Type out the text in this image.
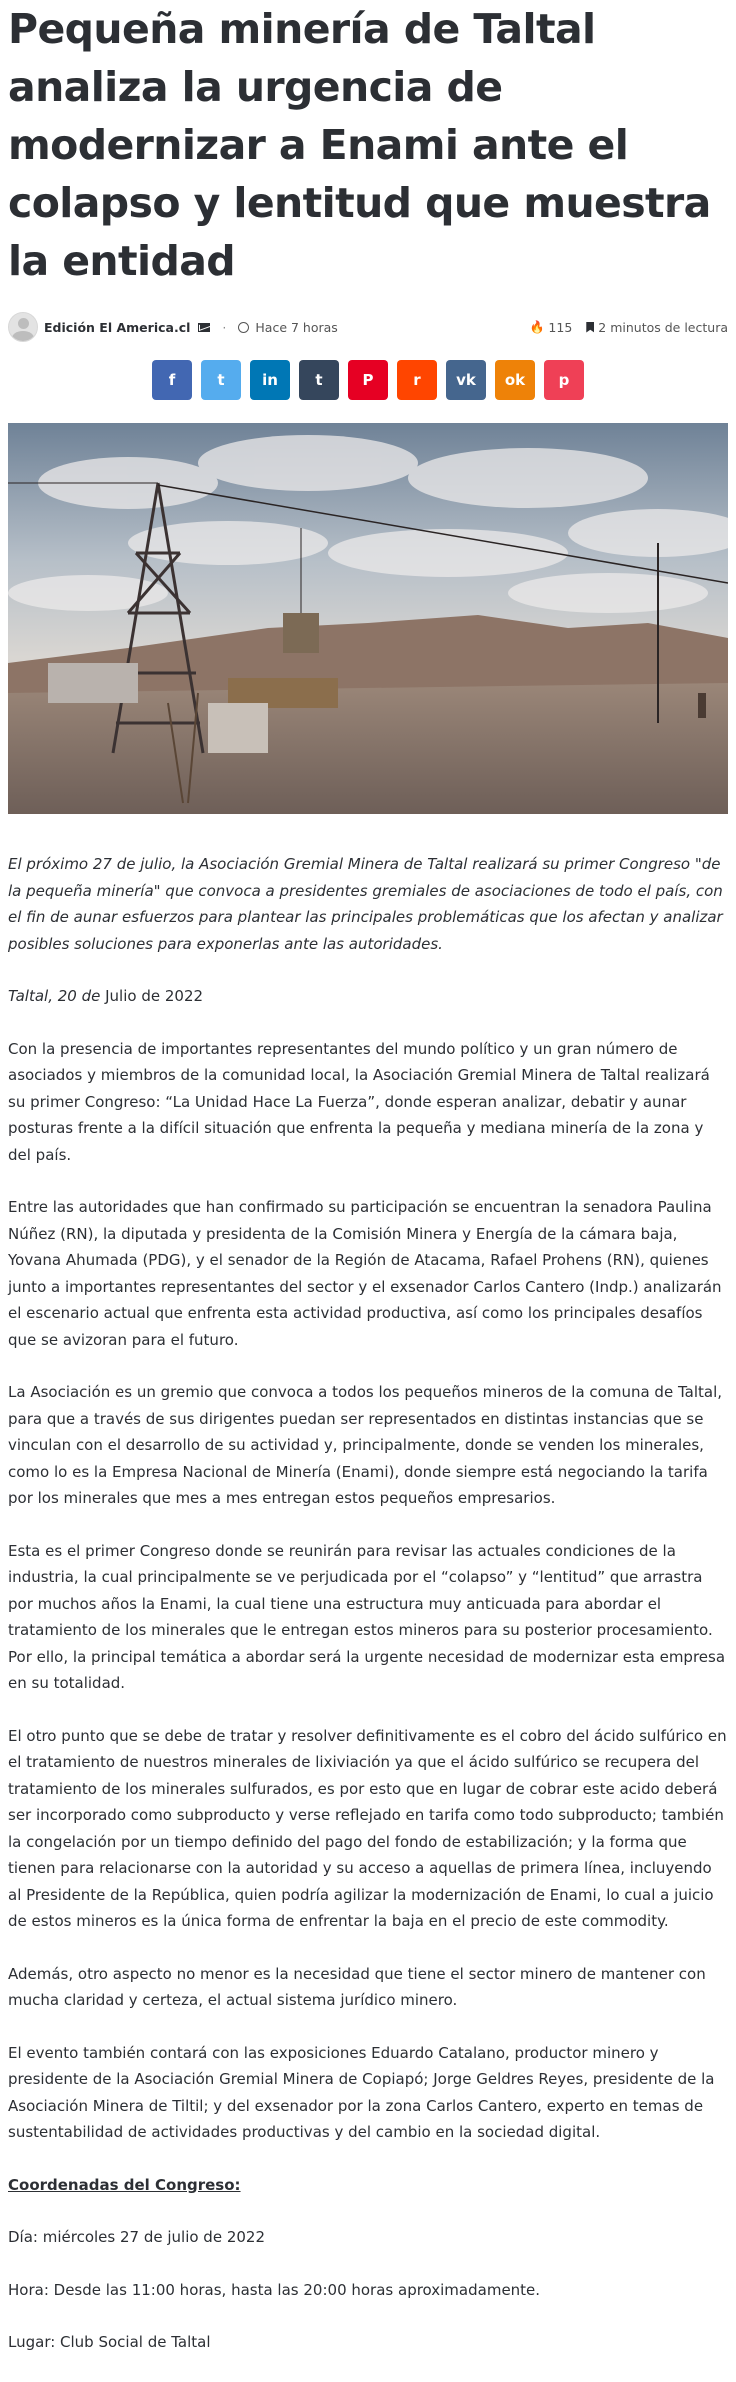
Pequeña minería de Taltal analiza la urgencia de modernizar a Enami ante el colapso y lentitud que muestra la entidad
Edición El America.cl	· Hace 7 horas	🔥 115 2 minutos de lectura
f	t	in	t	P	r vk ok p

El próximo 27 de julio, la Asociación Gremial Minera de Taltal realizará su primer Congreso "de la pequeña minería" que convoca a presidentes gremiales de asociaciones de todo el país, con el fin de aunar esfuerzos para plantear las principales problemáticas que los afectan y analizar posibles soluciones para exponerlas ante las autoridades.

Taltal, 20 de Julio de 2022

Con la presencia de importantes representantes del mundo político y un gran número de asociados y miembros de la comunidad local, la Asociación Gremial Minera de Taltal realizará su primer Congreso: “La Unidad Hace La Fuerza”, donde esperan analizar, debatir y aunar posturas frente a la difícil situación que enfrenta la pequeña y mediana minería de la zona y del país.

Entre las autoridades que han confirmado su participación se encuentran la senadora Paulina Núñez (RN), la diputada y presidenta de la Comisión Minera y Energía de la cámara baja, Yovana Ahumada (PDG), y el senador de la Región de Atacama, Rafael Prohens (RN), quienes junto a importantes representantes del sector y el exsenador Carlos Cantero (Indp.) analizarán el escenario actual que enfrenta esta actividad productiva, así como los principales desafíos que se avizoran para el futuro.

La Asociación es un gremio que convoca a todos los pequeños mineros de la comuna de Taltal, para que a través de sus dirigentes puedan ser representados en distintas instancias que se vinculan con el desarrollo de su actividad y, principalmente, donde se venden los minerales, como lo es la Empresa Nacional de Minería (Enami), donde siempre está negociando la tarifa por los minerales que mes a mes entregan estos pequeños empresarios.

Esta es el primer Congreso donde se reunirán para revisar las actuales condiciones de la industria, la cual principalmente se ve perjudicada por el “colapso” y “lentitud” que arrastra por muchos años la Enami, la cual tiene una estructura muy anticuada para abordar el tratamiento de los minerales que le entregan estos mineros para su posterior procesamiento. Por ello, la principal temática a abordar será la urgente necesidad de modernizar esta empresa en su totalidad.

El otro punto que se debe de tratar y resolver definitivamente es el cobro del ácido sulfúrico en el tratamiento de nuestros minerales de lixiviación ya que el ácido sulfúrico se recupera del tratamiento de los minerales sulfurados, es por esto que en lugar de cobrar este acido deberá ser incorporado como subproducto y verse reflejado en tarifa como todo subproducto; también la congelación por un tiempo definido del pago del fondo de estabilización; y la forma que tienen para relacionarse con la autoridad y su acceso a aquellas de primera línea, incluyendo al Presidente de la República, quien podría agilizar la modernización de Enami, lo cual a juicio de estos mineros es la única forma de enfrentar la baja en el precio de este commodity.

Además, otro aspecto no menor es la necesidad que tiene el sector minero de mantener con mucha claridad y certeza, el actual sistema jurídico minero.

El evento también contará con las exposiciones Eduardo Catalano, productor minero y presidente de la Asociación Gremial Minera de Copiapó; Jorge Geldres Reyes, presidente de la Asociación Minera de Tiltil; y del exsenador por la zona Carlos Cantero, experto en temas de sustentabilidad de actividades productivas y del cambio en la sociedad digital.

Coordenadas del Congreso:

Día: miércoles 27 de julio de 2022

Hora: Desde las 11:00 horas, hasta las 20:00 horas aproximadamente.

Lugar: Club Social de Taltal
